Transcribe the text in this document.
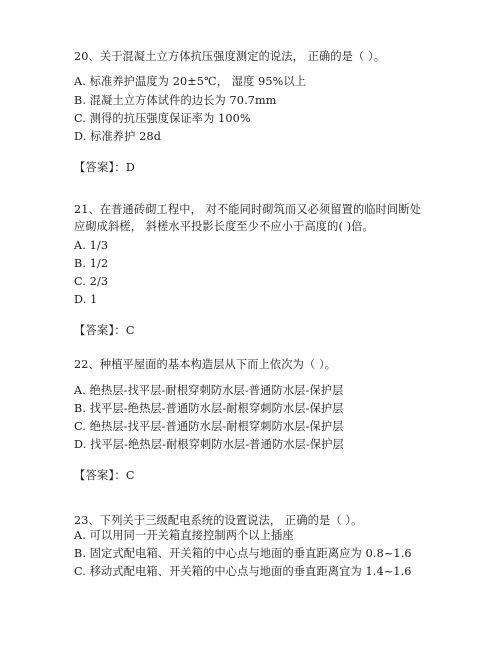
20、关于混凝土立方体抗压强度测定的说法， 正确的是（ ）。
A. 标准养护温度为 20±5℃， 湿度 95%以上
B. 混凝土立方体试件的边长为 70.7mm
C. 测得的抗压强度保证率为 100%
D. 标准养护 28d
【答案】：D
21、在普通砖砌工程中， 对不能同时砌筑而又必须留置的临时间断处
应砌成斜槎， 斜槎水平投影长度至少不应小于高度的( )倍。
A. 1/3
B. 1/2
C. 2/3
D. 1
【答案】：C
22、种植平屋面的基本构造层从下而上依次为（ ）。
A. 绝热层-找平层-耐根穿刺防水层-普通防水层-保护层
B. 找平层-绝热层-普通防水层-耐根穿刺防水层-保护层
C. 绝热层-找平层-普通防水层-耐根穿刺防水层-保护层
D. 找平层-绝热层-耐根穿刺防水层-普通防水层-保护层
【答案】：C
23、下列关于三级配电系统的设置说法， 正确的是（ ）。
A. 可以用同一开关箱直接控制两个以上插座
B. 固定式配电箱、开关箱的中心点与地面的垂直距离应为 0.8~1.6
C. 移动式配电箱、开关箱的中心点与地面的垂直距离宜为 1.4~1.6
